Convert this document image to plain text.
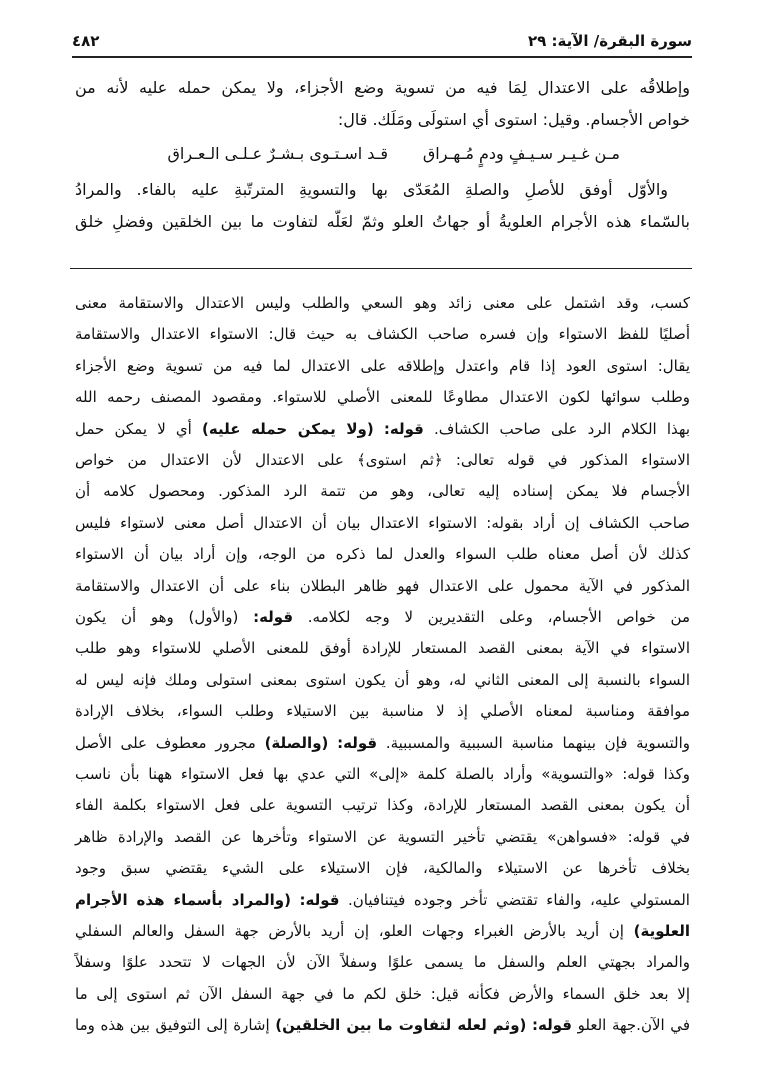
سورة البقرة/ الآية: ٢٩
٤٨٢
وإطلاقُه على الاعتدال لِمَا فيه من تسوية وضع الأجزاء، ولا يمكن حمله عليه لأنه من
خواص الأجسام. وقيل: استوى أي استولَى ومَلَك. قال:
قـد اسـتـوى بـشـرٌ عـلـى الـعـراق مـن غـيـر سـيـفٍ ودمٍ مُـهـراق
والأوّل أوفق للأصلِ والصلةِ المُعَدّى بها والتسويةِ المترتّبةِ عليه بالفاء. والمرادُ
بالسّماء هذه الأجرام العلويةُ أو جهاتُ العلو وثمّ لعَلّه لتفاوت ما بين الخلقين وفضلِ خلق
كسب، وقد اشتمل على معنى زائد وهو السعي والطلب وليس الاعتدال والاستقامة معنى
أصليًا للفظ الاستواء وإن فسره صاحب الكشاف به حيث قال: الاستواء الاعتدال والاستقامة
يقال: استوى العود إذا قام واعتدل وإطلاقه على الاعتدال لما فيه من تسوية وضع الأجزاء
وطلب سوائها لكون الاعتدال مطاوعًا للمعنى الأصلي للاستواء. ومقصود المصنف رحمه الله
بهذا الكلام الرد على صاحب الكشاف. قوله: (ولا يمكن حمله عليه) أي لا يمكن حمل
الاستواء المذكور في قوله تعالى: ﴿ثم استوى﴾ على الاعتدال لأن الاعتدال من خواص
الأجسام فلا يمكن إسناده إليه تعالى، وهو من تتمة الرد المذكور. ومحصول كلامه أن
صاحب الكشاف إن أراد بقوله: الاستواء الاعتدال بيان أن الاعتدال أصل معنى لاستواء فليس
كذلك لأن أصل معناه طلب السواء والعدل لما ذكره من الوجه، وإن أراد بيان أن الاستواء
المذكور في الآية محمول على الاعتدال فهو ظاهر البطلان بناء على أن الاعتدال والاستقامة
من خواص الأجسام، وعلى التقديرين لا وجه لكلامه. قوله: (والأول) وهو أن يكون
الاستواء في الآية بمعنى القصد المستعار للإرادة أوفق للمعنى الأصلي للاستواء وهو طلب
السواء بالنسبة إلى المعنى الثاني له، وهو أن يكون استوى بمعنى استولى وملك فإنه ليس له
موافقة ومناسبة لمعناه الأصلي إذ لا مناسبة بين الاستيلاء وطلب السواء، بخلاف الإرادة
والتسوية فإن بينهما مناسبة السببية والمسببية. قوله: (والصلة) مجرور معطوف على الأصل
وكذا قوله: «والتسوية» وأراد بالصلة كلمة «إلى» التي عدي بها فعل الاستواء ههنا بأن ناسب
أن يكون بمعنى القصد المستعار للإرادة، وكذا ترتيب التسوية على فعل الاستواء بكلمة الفاء
في قوله: «فسواهن» يقتضي تأخير التسوية عن الاستواء وتأخرها عن القصد والإرادة ظاهر
بخلاف تأخرها عن الاستيلاء والمالكية، فإن الاستيلاء على الشيء يقتضي سبق وجود
المستولي عليه، والفاء تقتضي تأخر وجوده فيتنافيان. قوله: (والمراد بأسماء هذه الأجرام
العلوية) إن أريد بالأرض الغبراء وجهات العلو، إن أريد بالأرض جهة السفل والعالم السفلي
والمراد بجهتي العلم والسفل ما يسمى علوًا وسفلاً الآن لأن الجهات لا تتحدد علوًا وسفلاً
إلا بعد خلق السماء والأرض فكأنه قيل: خلق لكم ما في جهة السفل الآن ثم استوى إلى ما
في الآن.جهة العلو قوله: (وثم لعله لتفاوت ما بين الخلقين) إشارة إلى التوفيق بين هذه وما
